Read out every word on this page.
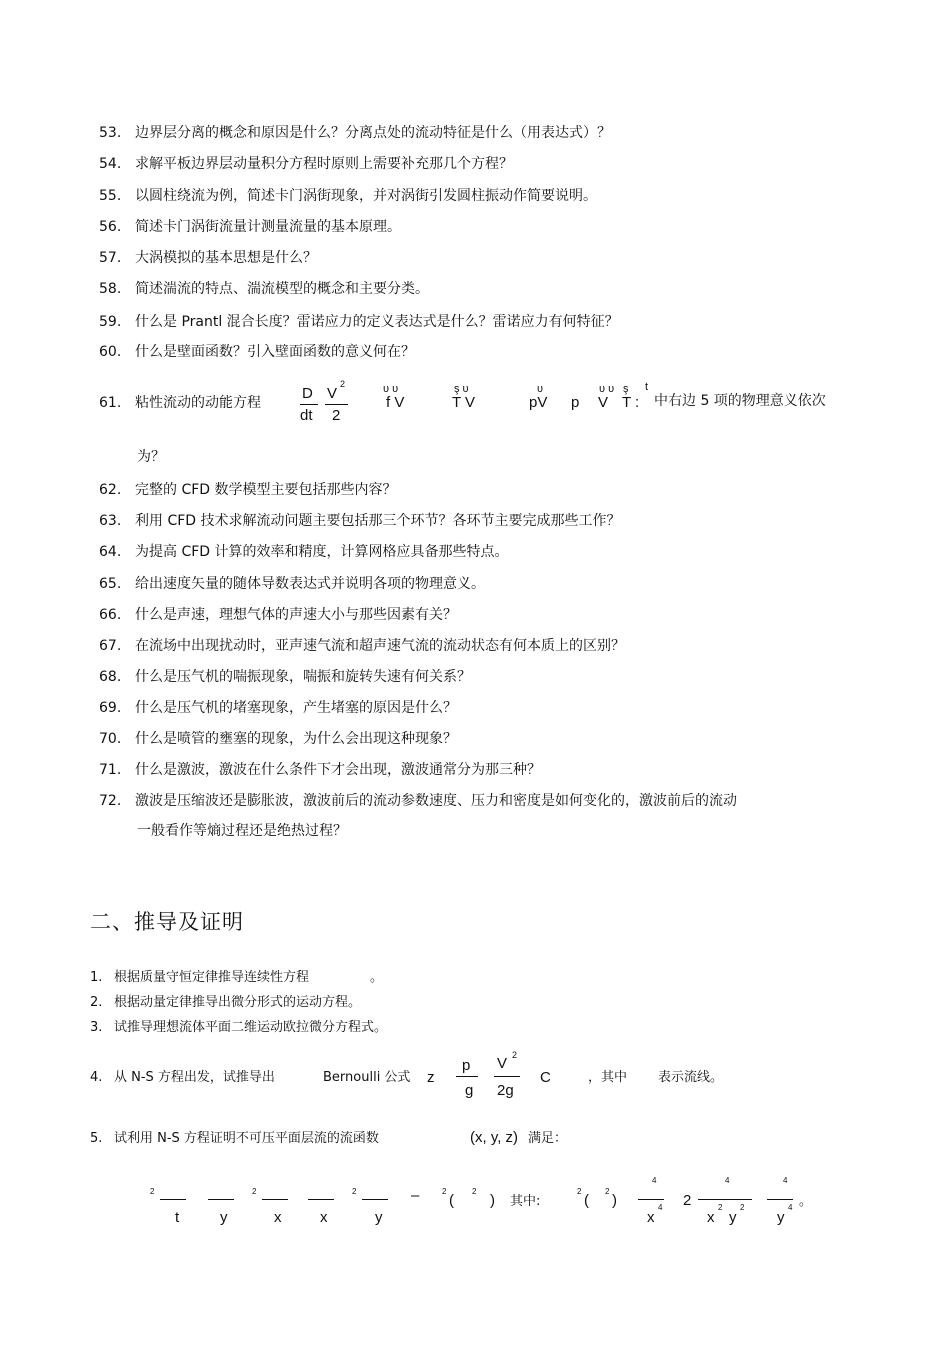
53. 边界层分离的概念和原因是什么？分离点处的流动特征是什么（用表达式）？
54. 求解平板边界层动量积分方程时原则上需要补充那几个方程？
55. 以圆柱绕流为例，简述卡门涡街现象，并对涡街引发圆柱振动作简要说明。
56. 简述卡门涡街流量计测量流量的基本原理。
57. 大涡模拟的基本思想是什么？
58. 简述湍流的特点、湍流模型的概念和主要分类。
59. 什么是 Prantl 混合长度？雷诺应力的定义表达式是什么？雷诺应力有何特征？
60. 什么是壁面函数？引入壁面函数的意义何在？
61. 粘性流动的动能方程
D
dt
V
2
2
υ υ
f V
ş υ
T V
υ
pV p
υ υ
V
ş t
T : 中右边 5 项的物理意义依次
为？
62. 完整的 CFD 数学模型主要包括那些内容？
63. 利用 CFD 技术求解流动问题主要包括那三个环节？各环节主要完成那些工作？
64. 为提高 CFD 计算的效率和精度，计算网格应具备那些特点。
65. 给出速度矢量的随体导数表达式并说明各项的物理意义。
66. 什么是声速，理想气体的声速大小与那些因素有关？
67. 在流场中出现扰动时，亚声速气流和超声速气流的流动状态有何本质上的区别？
68. 什么是压气机的喘振现象，喘振和旋转失速有何关系？
69. 什么是压气机的堵塞现象，产生堵塞的原因是什么？
70. 什么是喷管的壅塞的现象，为什么会出现这种现象？
71. 什么是激波，激波在什么条件下才会出现，激波通常分为那三种？
72. 激波是压缩波还是膨胀波，激波前后的流动参数速度、压力和密度是如何变化的，激波前后的流动
一般看作等熵过程还是绝热过程？
二、推导及证明
1. 根据质量守恒定律推导连续性方程	。
2. 根据动量定律推导出微分形式的运动方程。
3. 试推导理想流体平面二维运动欧拉微分方程式。
4. 从 N-S 方程出发，试推导出	Bernoulli 公式 z
p
g
V 2
2g
C	，其中 表示流线。
5. 试利用 N-S 方程证明不可压平面层流的流函数	(x, y, z) 满足：
2
t	y
2
x	x
2
y
–	2
(
2
) 其中:
2
(
2
)
4
x
4 2
4
x
2
y
2
4
y
4 。
